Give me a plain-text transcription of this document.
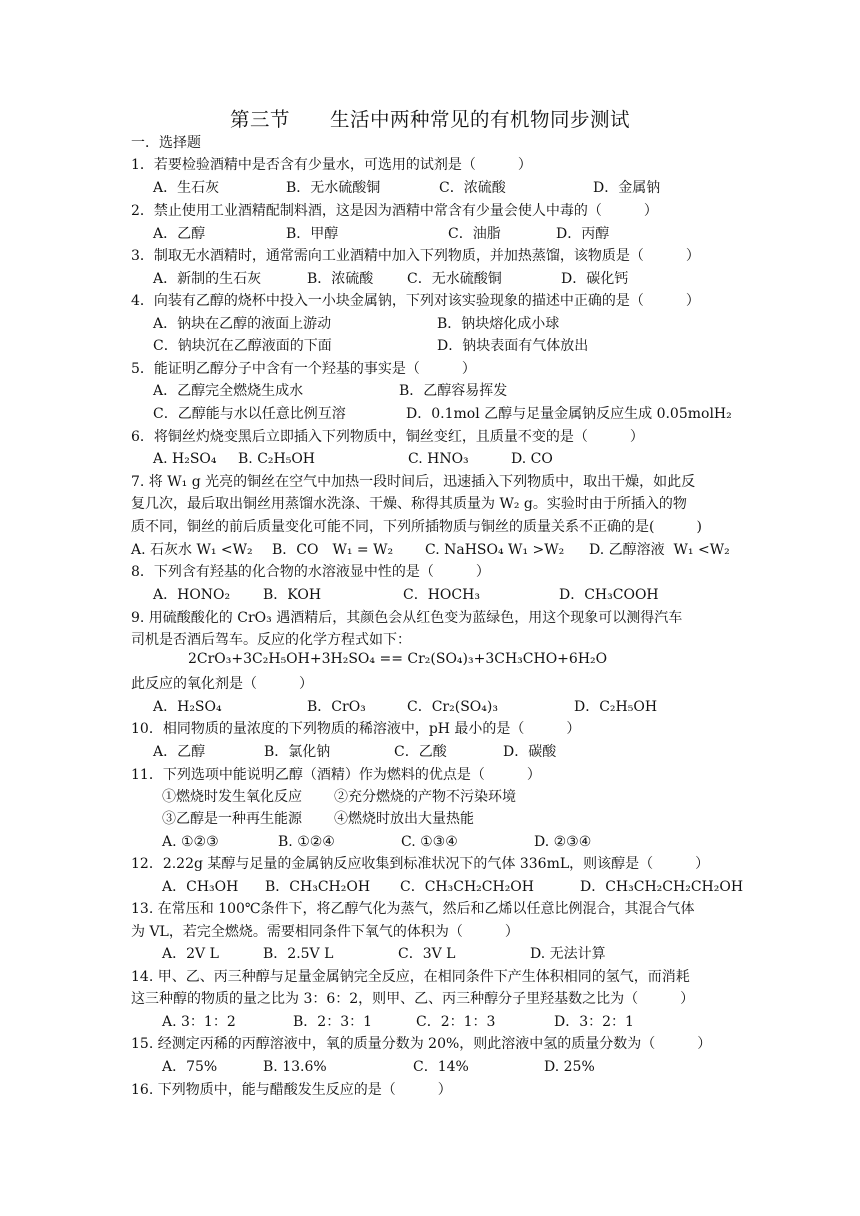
第三节　　生活中两种常见的有机物同步测试
一．选择题
1．若要检验酒精中是否含有少量水，可选用的试剂是（　　　）
A．生石灰	B．无水硫酸铜	C．浓硫酸	D．金属钠
2．禁止使用工业酒精配制料酒，这是因为酒精中常含有少量会使人中毒的（　　　）
A．乙醇	B．甲醇	C．油脂	D．丙醇
3．制取无水酒精时，通常需向工业酒精中加入下列物质，并加热蒸馏，该物质是（　　　）
A．新制的生石灰	B．浓硫酸 C．无水硫酸铜	D．碳化钙
4．向装有乙醇的烧杯中投入一小块金属钠，下列对该实验现象的描述中正确的是（　　　）
A．钠块在乙醇的液面上游动	B．钠块熔化成小球
C．钠块沉在乙醇液面的下面	D．钠块表面有气体放出
5．能证明乙醇分子中含有一个羟基的事实是（　　　）
A．乙醇完全燃烧生成水	B．乙醇容易挥发
C．乙醇能与水以任意比例互溶	D．0.1mol 乙醇与足量金属钠反应生成 0.05molH₂
6．将铜丝灼烧变黑后立即插入下列物质中，铜丝变红，且质量不变的是（　　　）
A. H₂SO₄ B. C₂H₅OH	C. HNO₃	D. CO
7. 将 W₁ g 光亮的铜丝在空气中加热一段时间后，迅速插入下列物质中，取出干燥，如此反
复几次，最后取出铜丝用蒸馏水洗涤、干燥、称得其质量为 W₂ g。实验时由于所插入的物
质不同，铜丝的前后质量变化可能不同，下列所插物质与铜丝的质量关系不正确的是(　　　)
A. 石灰水 W₁ <W₂ B．CO　W₁ = W₂ C. NaHSO₄ W₁ >W₂ D. 乙醇溶液  W₁ <W₂
8．下列含有羟基的化合物的水溶液显中性的是（　　　）
A．HONO₂ B．KOH	C．HOCH₃	D．CH₃COOH
9. 用硫酸酸化的 CrO₃ 遇酒精后，其颜色会从红色变为蓝绿色，用这个现象可以测得汽车
司机是否酒后驾车。反应的化学方程式如下：
2CrO₃+3C₂H₅OH+3H₂SO₄ == Cr₂(SO₄)₃+3CH₃CHO+6H₂O
此反应的氧化剂是（　　　）
A．H₂SO₄	B．CrO₃	C．Cr₂(SO₄)₃	D．C₂H₅OH
10．相同物质的量浓度的下列物质的稀溶液中，pH 最小的是（　　　）
A．乙醇	B．氯化钠	C．乙酸	D．碳酸
11．下列选项中能说明乙醇（酒精）作为燃料的优点是（　　　）
①燃烧时发生氧化反应 ②充分燃烧的产物不污染环境
③乙醇是一种再生能源 ④燃烧时放出大量热能
A. ①②③	B. ①②④	C. ①③④	D. ②③④
12．2.22g 某醇与足量的金属钠反应收集到标准状况下的气体 336mL，则该醇是（　　　）
A．CH₃OH B．CH₃CH₂OH C．CH₃CH₂CH₂OH	D．CH₃CH₂CH₂CH₂OH
13. 在常压和 100℃条件下，将乙醇气化为蒸气，然后和乙烯以任意比例混合，其混合气体
为 VL，若完全燃烧。需要相同条件下氧气的体积为（　　　）
A．2V L	B．2.5V L	C．3V L	D. 无法计算
14. 甲、乙、丙三种醇与足量金属钠完全反应，在相同条件下产生体积相同的氢气，而消耗
这三种醇的物质的量之比为 3：6：2，则甲、乙、丙三种醇分子里羟基数之比为（　　　）
A. 3：1：2	B．2：3：1	C．2：1：3	D．3：2：1
15. 经测定丙稀的丙醇溶液中，氧的质量分数为 20%，则此溶液中氢的质量分数为（　　　）
A．75%	B. 13.6%	C．14%	D. 25%
16. 下列物质中，能与醋酸发生反应的是（　　　）
